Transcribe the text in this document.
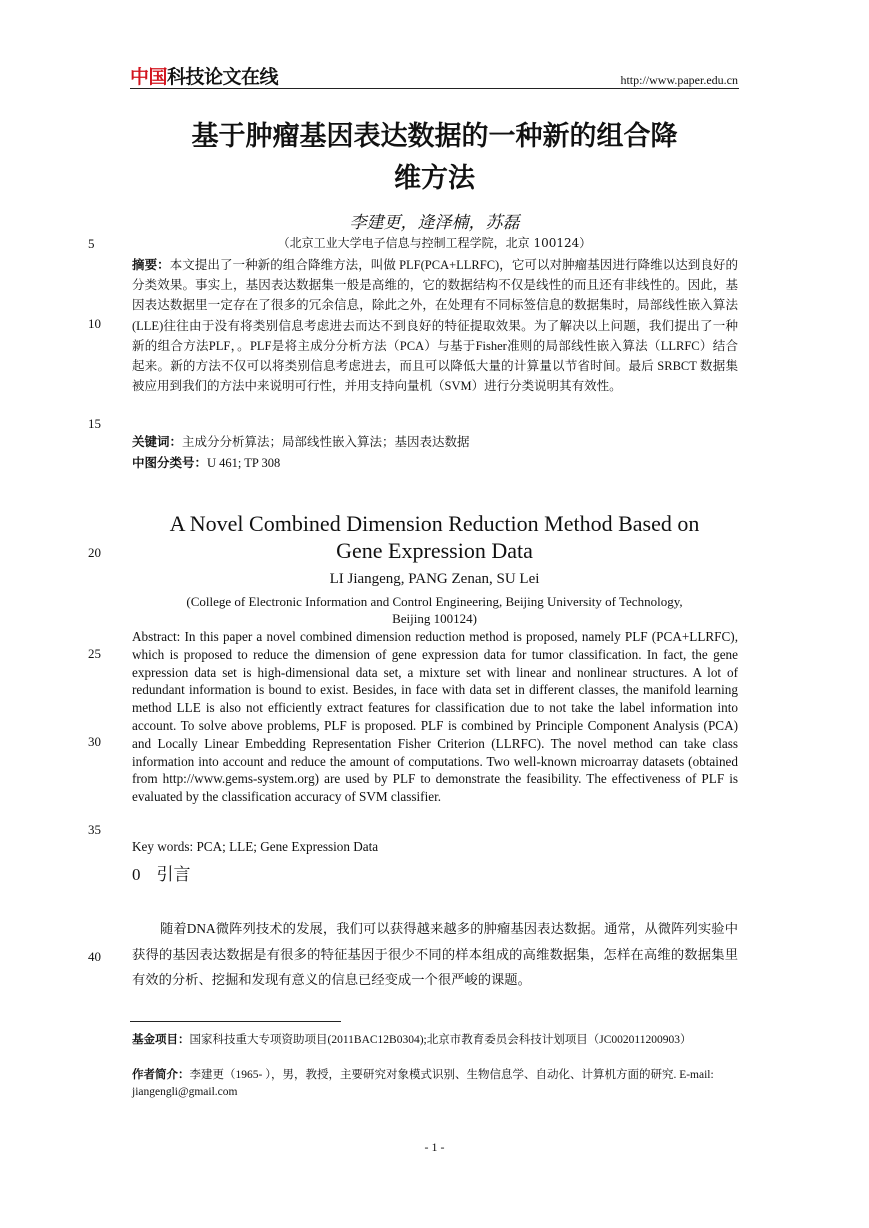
中国科技论文在线	http://www.paper.edu.cn
基于肿瘤基因表达数据的一种新的组合降
维方法
李建更，逄泽楠，苏磊
（北京工业大学电子信息与控制工程学院，北京 100124）
5
10
15
20
25
30
35
40
摘要：本文提出了一种新的组合降维方法，叫做 PLF(PCA+LLRFC)，它可以对肿瘤基因进行降维以达到良好的分类效果。事实上，基因表达数据集一般是高维的，它的数据结构不仅是线性的而且还有非线性的。因此，基因表达数据里一定存在了很多的冗余信息，除此之外，在处理有不同标签信息的数据集时，局部线性嵌入算法(LLE)往往由于没有将类别信息考虑进去而达不到良好的特征提取效果。为了解决以上问题，我们提出了一种新的组合方法PLF，。PLF是将主成分分析方法（PCA）与基于Fisher准则的局部线性嵌入算法（LLRFC）结合起来。新的方法不仅可以将类别信息考虑进去，而且可以降低大量的计算量以节省时间。最后 SRBCT 数据集被应用到我们的方法中来说明可行性，并用支持向量机（SVM）进行分类说明其有效性。
关键词：主成分分析算法；局部线性嵌入算法；基因表达数据
中图分类号：U 461; TP 308
A Novel Combined Dimension Reduction Method Based on
Gene Expression Data
LI Jiangeng, PANG Zenan, SU Lei
(College of Electronic Information and Control Engineering, Beijing University of Technology,
Beijing 100124)
Abstract: In this paper a novel combined dimension reduction method is proposed, namely PLF (PCA+LLRFC), which is proposed to reduce the dimension of gene expression data for tumor classification. In fact, the gene expression data set is high-dimensional data set, a mixture set with linear and nonlinear structures. A lot of redundant information is bound to exist. Besides, in face with data set in different classes, the manifold learning method LLE is also not efficiently extract features for classification due to not take the label information into account. To solve above problems, PLF is proposed. PLF is combined by Principle Component Analysis (PCA) and Locally Linear Embedding Representation Fisher Criterion (LLRFC). The novel method can take class information into account and reduce the amount of computations. Two well-known microarray datasets (obtained from http://www.gems-system.org) are used by PLF to demonstrate the feasibility. The effectiveness of PLF is evaluated by the classification accuracy of SVM classifier.
Key words: PCA; LLE; Gene Expression Data
0 引言
随着DNA微阵列技术的发展，我们可以获得越来越多的肿瘤基因表达数据。通常，从微阵列实验中获得的基因表达数据是有很多的特征基因于很少不同的样本组成的高维数据集，怎样在高维的数据集里有效的分析、挖掘和发现有意义的信息已经变成一个很严峻的课题。
基金项目：国家科技重大专项资助项目(2011BAC12B0304);北京市教育委员会科技计划项目（JC002011200903）
作者简介：李建更（1965- ），男，教授，主要研究对象模式识别、生物信息学、自动化、计算机方面的研究. E-mail: jiangengli@gmail.com
- 1 -
